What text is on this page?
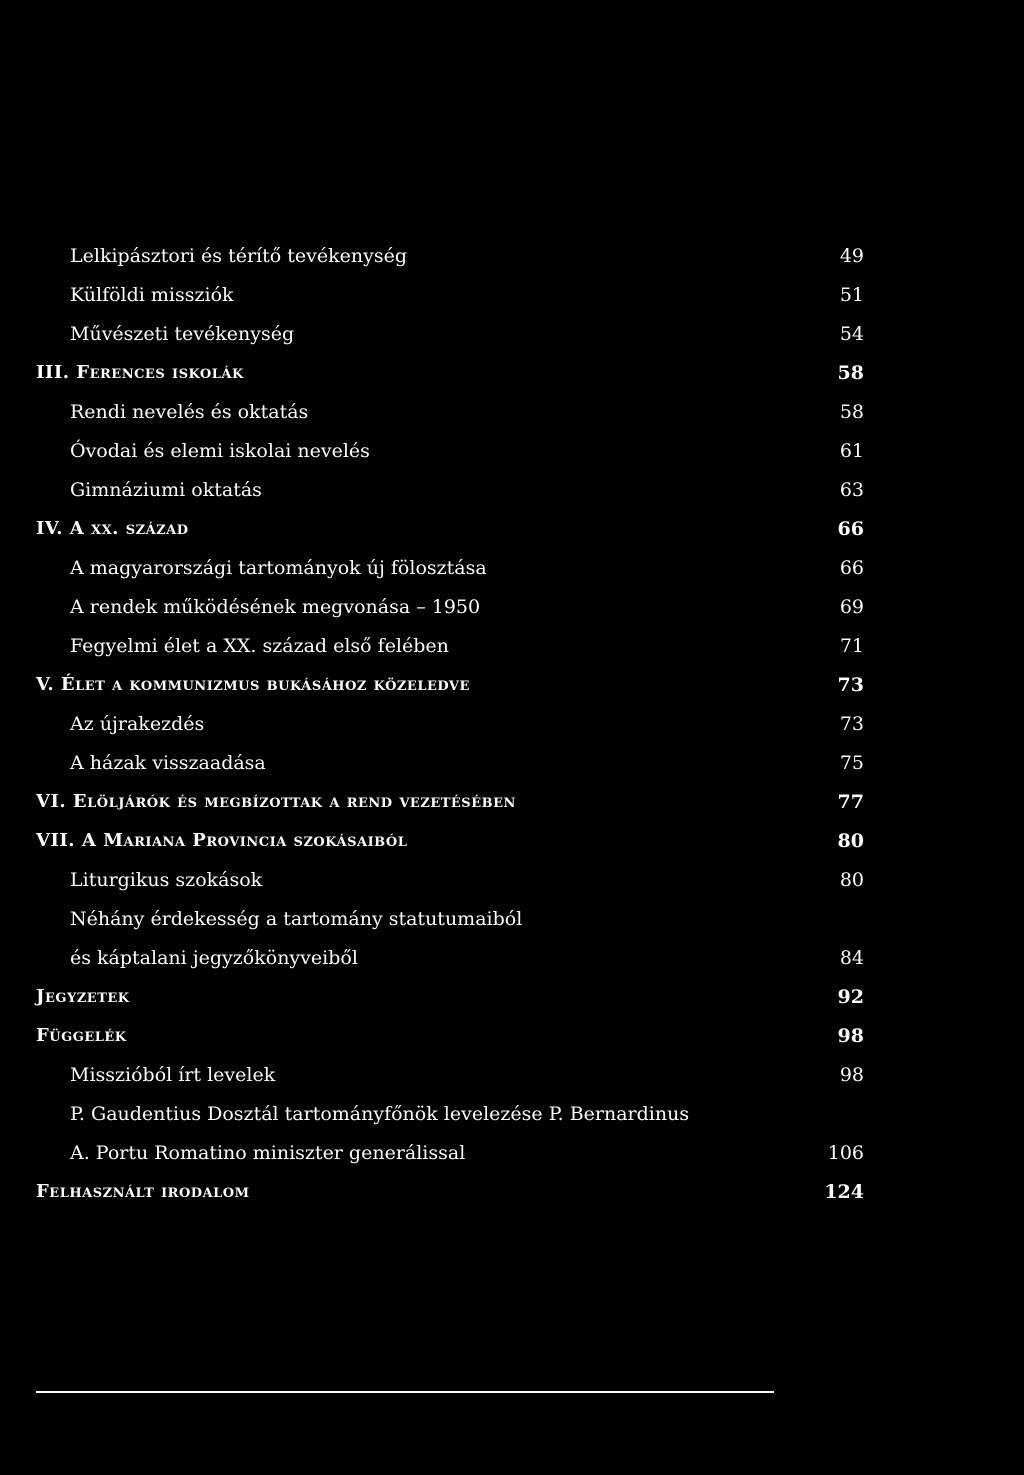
Lelkipásztori és térítő tevékenység	49
Külföldi missziók	51
Művészeti tevékenység	54
III. Ferences iskolák	58
Rendi nevelés és oktatás	58
Óvodai és elemi iskolai nevelés	61
Gimnáziumi oktatás	63
IV. A xx. század	66
A magyarországi tartományok új fölosztása	66
A rendek működésének megvonása – 1950	69
Fegyelmi élet a XX. század első felében	71
V. Élet a kommunizmus bukásához közeledve	73
Az újrakezdés	73
A házak visszaadása	75
VI. Elöljárók és megbízottak a rend vezetésében	77
VII. A Mariana Provincia szokásaiból	80
Liturgikus szokások	80
Néhány érdekesség a tartomány statutumaiból
és káptalani jegyzőkönyveiből	84
Jegyzetek	92
Függelék	98
Misszióból írt levelek	98
P. Gaudentius Dosztál tartományfőnök levelezése P. Bernardinus
A. Portu Romatino miniszter generálissal	106
Felhasznált irodalom	124
